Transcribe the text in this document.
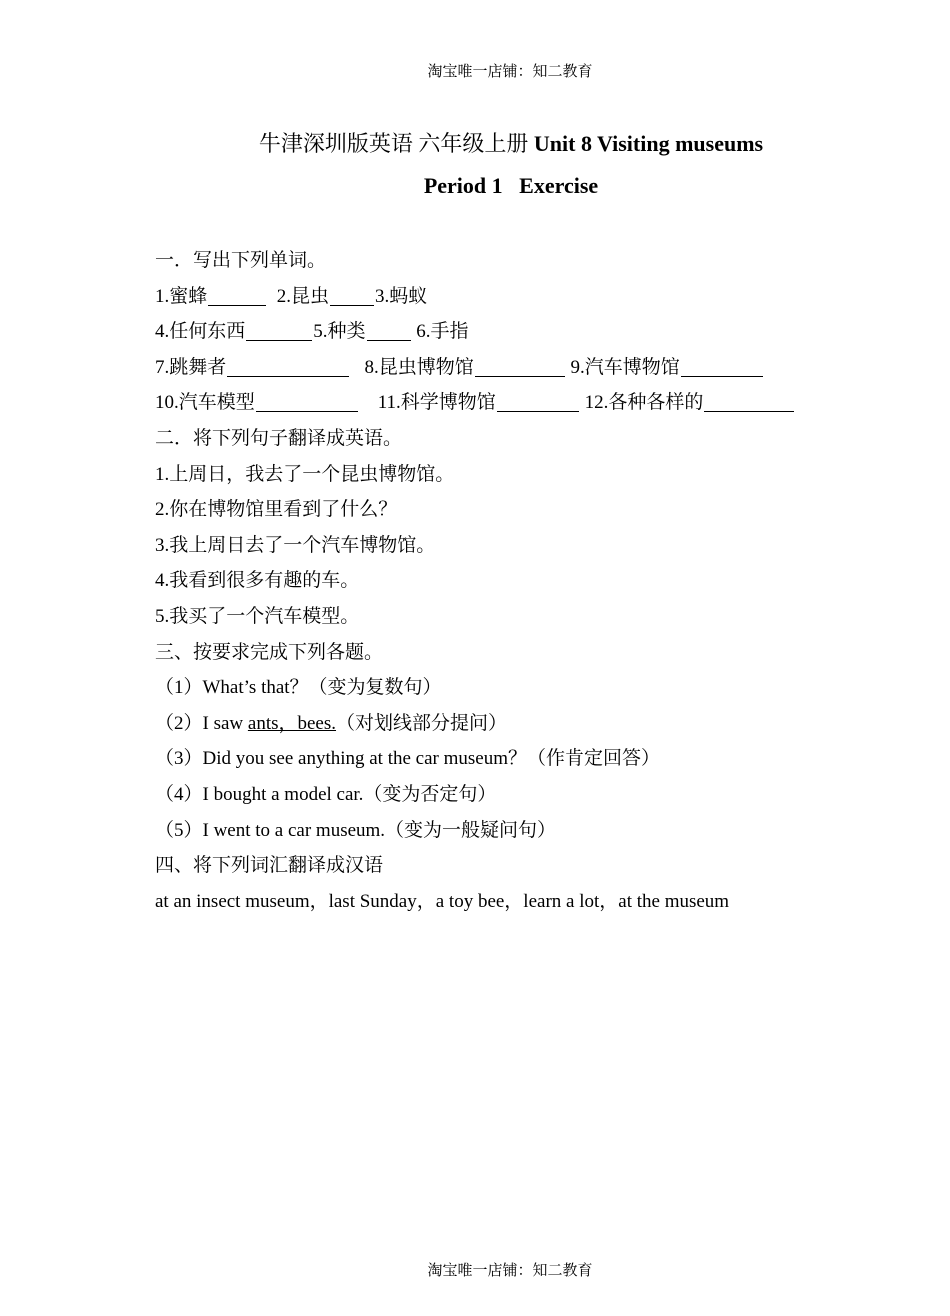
淘宝唯一店铺：知二教育
牛津深圳版英语 六年级上册 Unit 8 Visiting museums
Period 1   Exercise
一．写出下列单词。
1.蜜蜂	2.昆虫 3.蚂蚁
4.任何东西	5.种类	6.手指
7.跳舞者	8.昆虫博物馆	9.汽车博物馆
10.汽车模型	11.科学博物馆	12.各种各样的
二．将下列句子翻译成英语。
1.上周日，我去了一个昆虫博物馆。
2.你在博物馆里看到了什么？
3.我上周日去了一个汽车博物馆。
4.我看到很多有趣的车。
5.我买了一个汽车模型。
三、按要求完成下列各题。
（1）What’s that？（变为复数句）
（2）I saw ants，bees.（对划线部分提问）
（3）Did you see anything at the car museum？（作肯定回答）
（4）I bought a model car.（变为否定句）
（5）I went to a car museum.（变为一般疑问句）
四、将下列词汇翻译成汉语
at an insect museum，last Sunday，a toy bee，learn a lot，at the museum
淘宝唯一店铺：知二教育
